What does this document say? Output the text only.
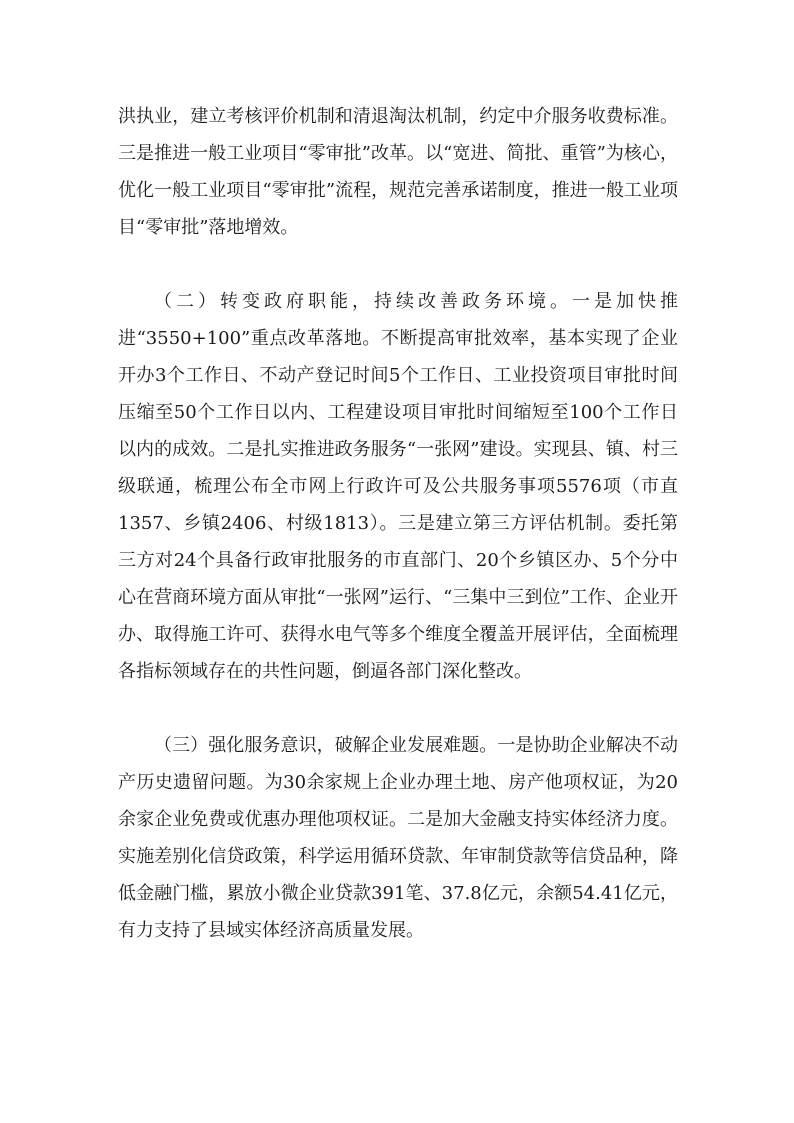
洪执业，建立考核评价机制和清退淘汰机制，约定中介服务收费标准。三是推进一般工业项目“零审批”改革。以“宽进、简批、重管”为核心，优化一般工业项目“零审批”流程，规范完善承诺制度，推进一般工业项目“零审批”落地增效。

（二）转变政府职能，持续改善政务环境。一是加快推进“3550+100”重点改革落地。不断提高审批效率，基本实现了企业开办3个工作日、不动产登记时间5个工作日、工业投资项目审批时间压缩至50个工作日以内、工程建设项目审批时间缩短至100个工作日以内的成效。二是扎实推进政务服务“一张网”建设。实现县、镇、村三级联通，梳理公布全市网上行政许可及公共服务事项5576项（市直1357、乡镇2406、村级1813）。三是建立第三方评估机制。委托第三方对24个具备行政审批服务的市直部门、20个乡镇区办、5个分中心在营商环境方面从审批“一张网”运行、“三集中三到位”工作、企业开办、取得施工许可、获得水电气等多个维度全覆盖开展评估，全面梳理各指标领域存在的共性问题，倒逼各部门深化整改。

（三）强化服务意识，破解企业发展难题。一是协助企业解决不动产历史遗留问题。为30余家规上企业办理土地、房产他项权证，为20余家企业免费或优惠办理他项权证。二是加大金融支持实体经济力度。实施差别化信贷政策，科学运用循环贷款、年审制贷款等信贷品种，降低金融门槛，累放小微企业贷款391笔、37.8亿元，余额54.41亿元，有力支持了县域实体经济高质量发展。
